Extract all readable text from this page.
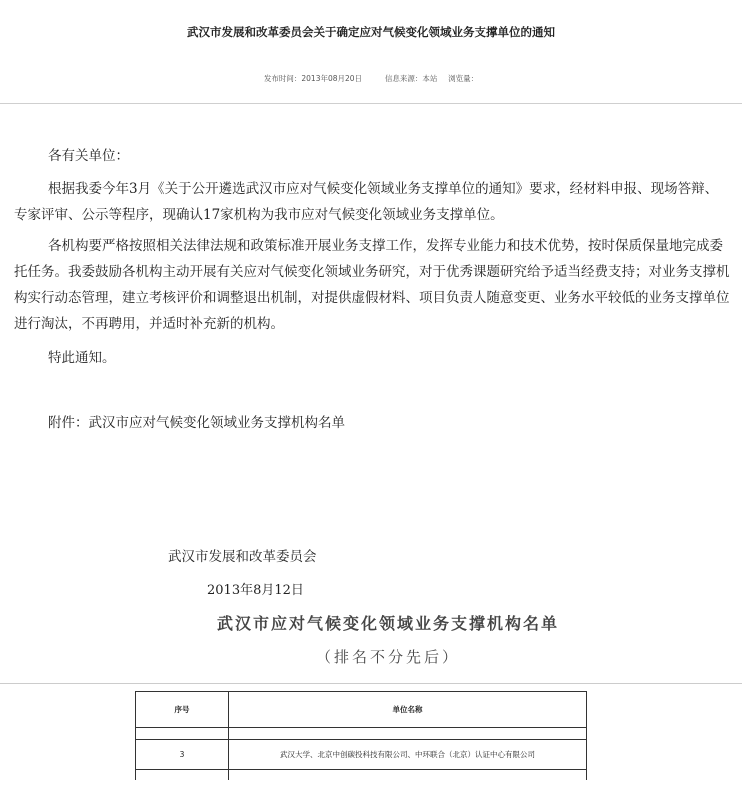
武汉市发展和改革委员会关于确定应对气候变化领域业务支撑单位的通知
发布时间：2013年08月20日	信息来源：本站 浏览量：

各有关单位：

根据我委今年3月《关于公开遴选武汉市应对气候变化领域业务支撑单位的通知》要求，经材料申报、现场答辩、专家评审、公示等程序，现确认17家机构为我市应对气候变化领域业务支撑单位。

各机构要严格按照相关法律法规和政策标准开展业务支撑工作，发挥专业能力和技术优势，按时保质保量地完成委托任务。我委鼓励各机构主动开展有关应对气候变化领域业务研究，对于优秀课题研究给予适当经费支持；对业务支撑机构实行动态管理，建立考核评价和调整退出机制，对提供虚假材料、项目负责人随意变更、业务水平较低的业务支撑单位进行淘汰，不再聘用，并适时补充新的机构。

特此通知。

附件：武汉市应对气候变化领域业务支撑机构名单

武汉市发展和改革委员会
2013年8月12日
武汉市应对气候变化领域业务支撑机构名单
（排名不分先后）
序号	单位名称

3	武汉大学、北京中创碳投科技有限公司、中环联合（北京）认证中心有限公司
